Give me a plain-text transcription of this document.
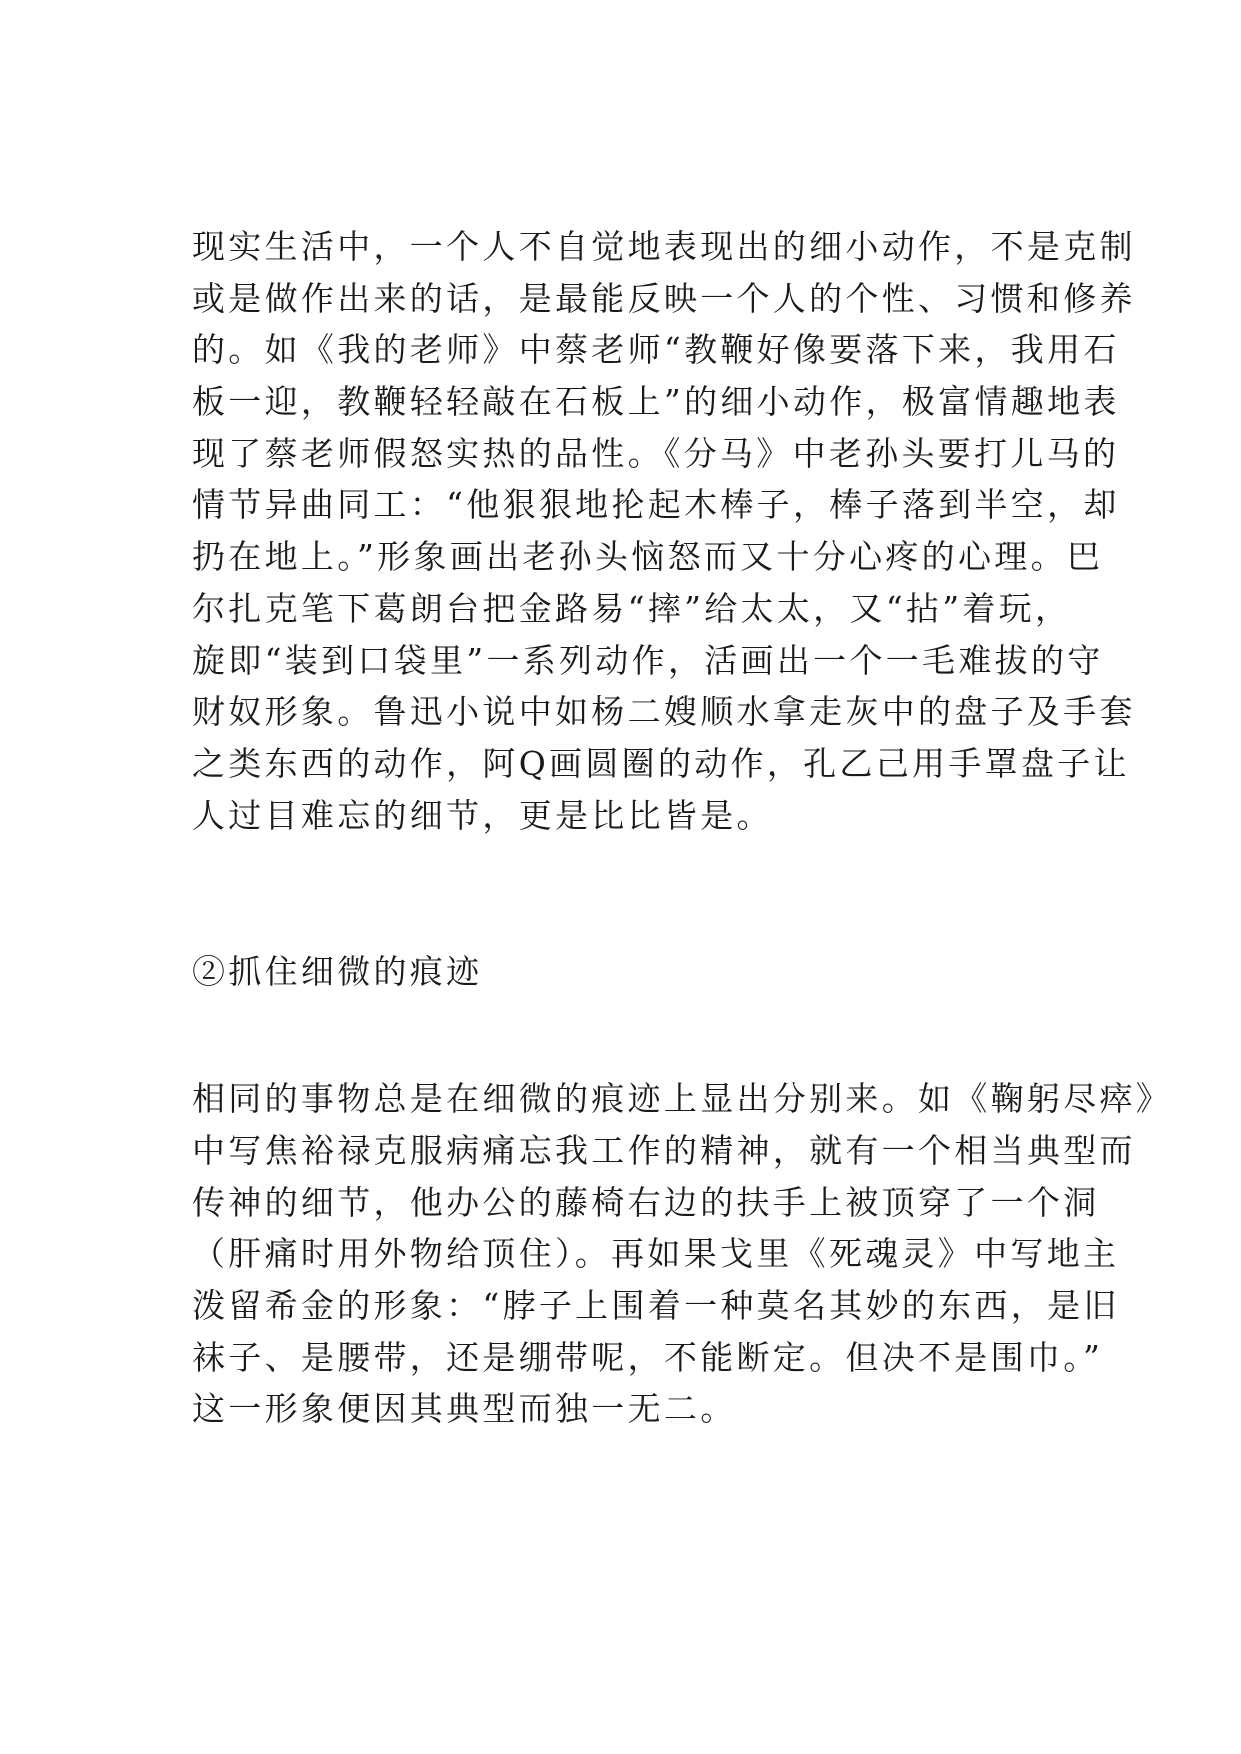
现实生活中，一个人不自觉地表现出的细小动作，不是克制
或是做作出来的话，是最能反映一个人的个性、习惯和修养
的。如《我的老师》中蔡老师“教鞭好像要落下来，我用石
板一迎，教鞭轻轻敲在石板上”的细小动作，极富情趣地表
现了蔡老师假怒实热的品性。《分马》中老孙头要打儿马的
情节异曲同工：“他狠狠地抡起木棒子，棒子落到半空，却
扔在地上。”形象画出老孙头恼怒而又十分心疼的心理。巴
尔扎克笔下葛朗台把金路易“摔”给太太，又“拈”着玩，
旋即“装到口袋里”一系列动作，活画出一个一毛难拔的守
财奴形象。鲁迅小说中如杨二嫂顺水拿走灰中的盘子及手套
之类东西的动作，阿Q画圆圈的动作，孔乙己用手罩盘子让
人过目难忘的细节，更是比比皆是。
②抓住细微的痕迹
相同的事物总是在细微的痕迹上显出分别来。如《鞠躬尽瘁》
中写焦裕禄克服病痛忘我工作的精神，就有一个相当典型而
传神的细节，他办公的藤椅右边的扶手上被顶穿了一个洞
（肝痛时用外物给顶住）。再如果戈里《死魂灵》中写地主
泼留希金的形象：“脖子上围着一种莫名其妙的东西，是旧
袜子、是腰带，还是绷带呢，不能断定。但决不是围巾。”
这一形象便因其典型而独一无二。
